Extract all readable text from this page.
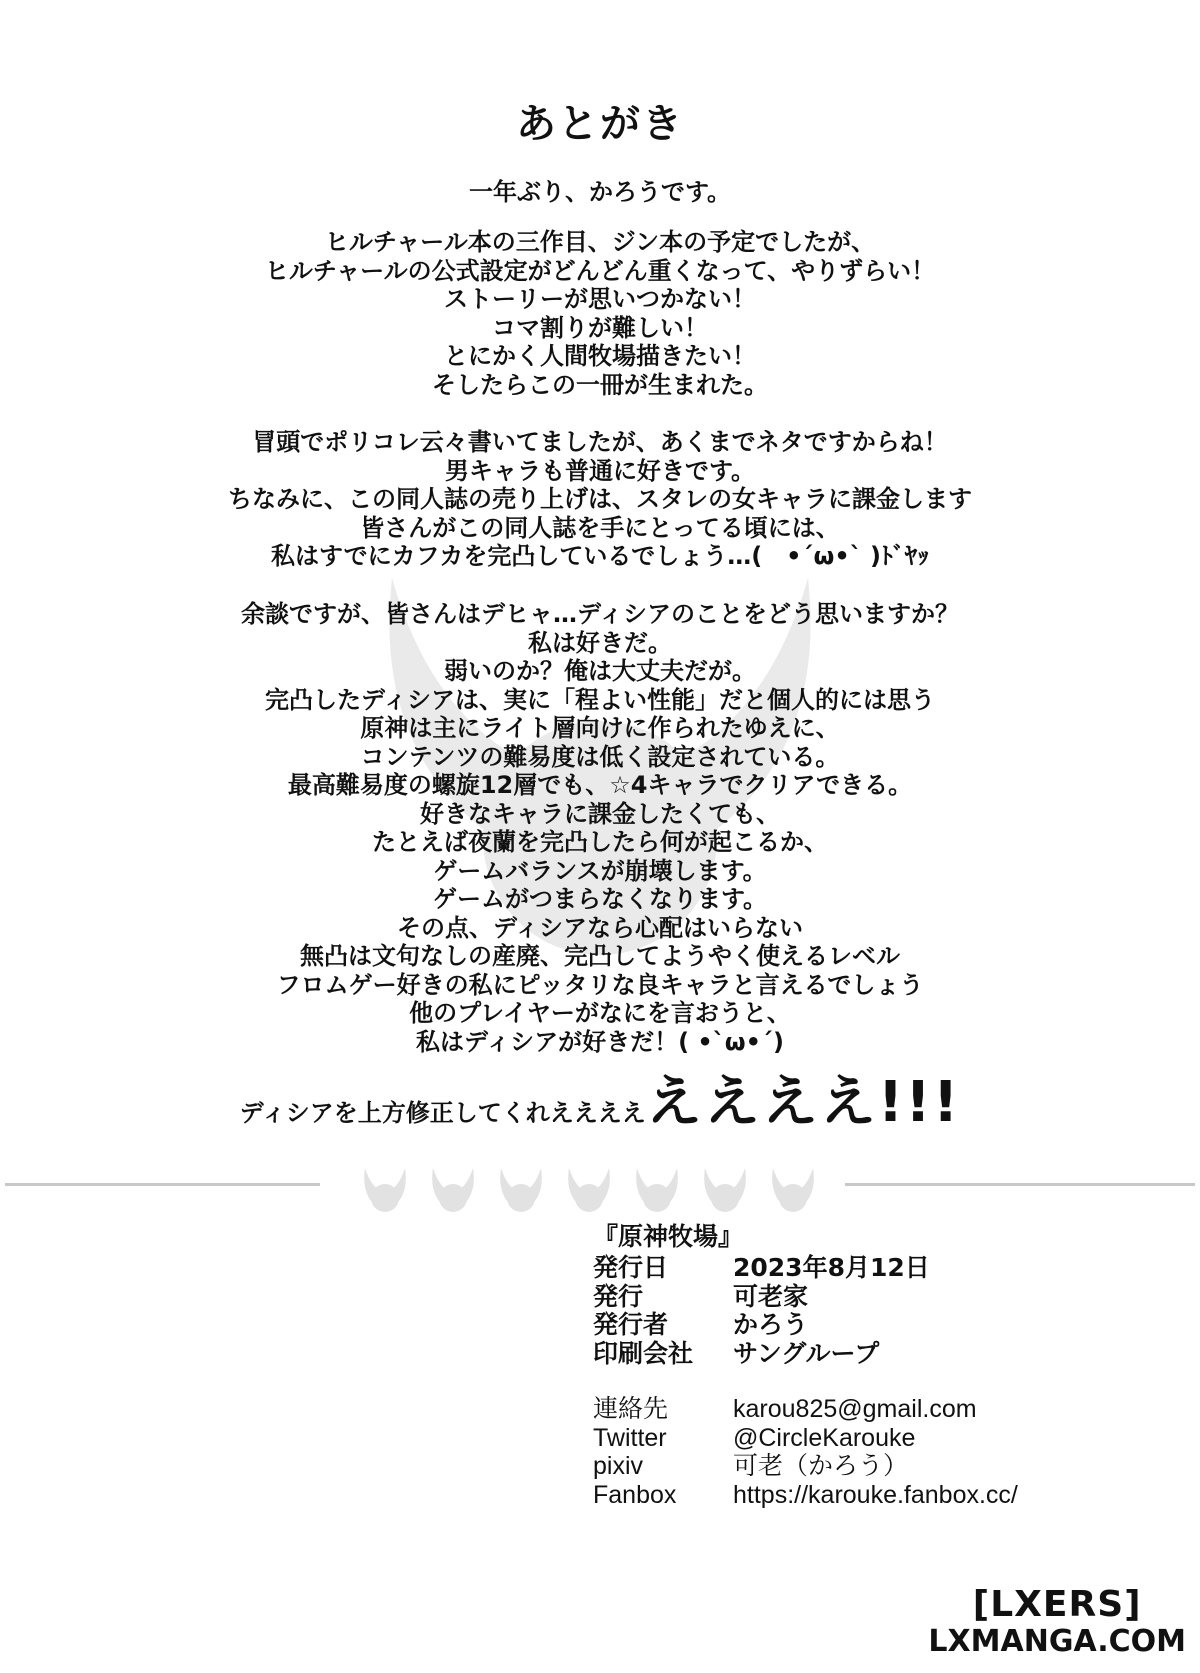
あとがき
一年ぶり、かろうです。
ヒルチャール本の三作目、ジン本の予定でしたが、
ヒルチャールの公式設定がどんどん重くなって、やりずらい！
ストーリーが思いつかない！
コマ割りが難しい！
とにかく人間牧場描きたい！
そしたらこの一冊が生まれた。
冒頭でポリコレ云々書いてましたが、あくまでネタですからね！
男キャラも普通に好きです。
ちなみに、この同人誌の売り上げは、スタレの女キャラに課金します
皆さんがこの同人誌を手にとってる頃には、
私はすでにカフカを完凸しているでしょう…(　•´ω•` )ﾄﾞﾔｯ
余談ですが、皆さんはデヒャ…ディシアのことをどう思いますか？
私は好きだ。
弱いのか？俺は大丈夫だが。
完凸したディシアは、実に「程よい性能」だと個人的には思う
原神は主にライト層向けに作られたゆえに、
コンテンツの難易度は低く設定されている。
最高難易度の螺旋12層でも、☆4キャラでクリアできる。
好きなキャラに課金したくても、
たとえば夜蘭を完凸したら何が起こるか、
ゲームバランスが崩壊します。
ゲームがつまらなくなります。
その点、ディシアなら心配はいらない
無凸は文句なしの産廃、完凸してようやく使えるレベル
フロムゲー好きの私にピッタリな良キャラと言えるでしょう
他のプレイヤーがなにを言おうと、
私はディシアが好きだ！( •`ω•´)
ディシアを上方修正してくれええええええええ!!!
『原神牧場』
発行日	2023年8月12日
発行	可老家
発行者	かろう
印刷会社	サングループ
連絡先	karou825@gmail.com
Twitter	@CircleKarouke
pixiv	可老（かろう）
Fanbox	https://karouke.fanbox.cc/
[LXERS]
LXMANGA.COM
